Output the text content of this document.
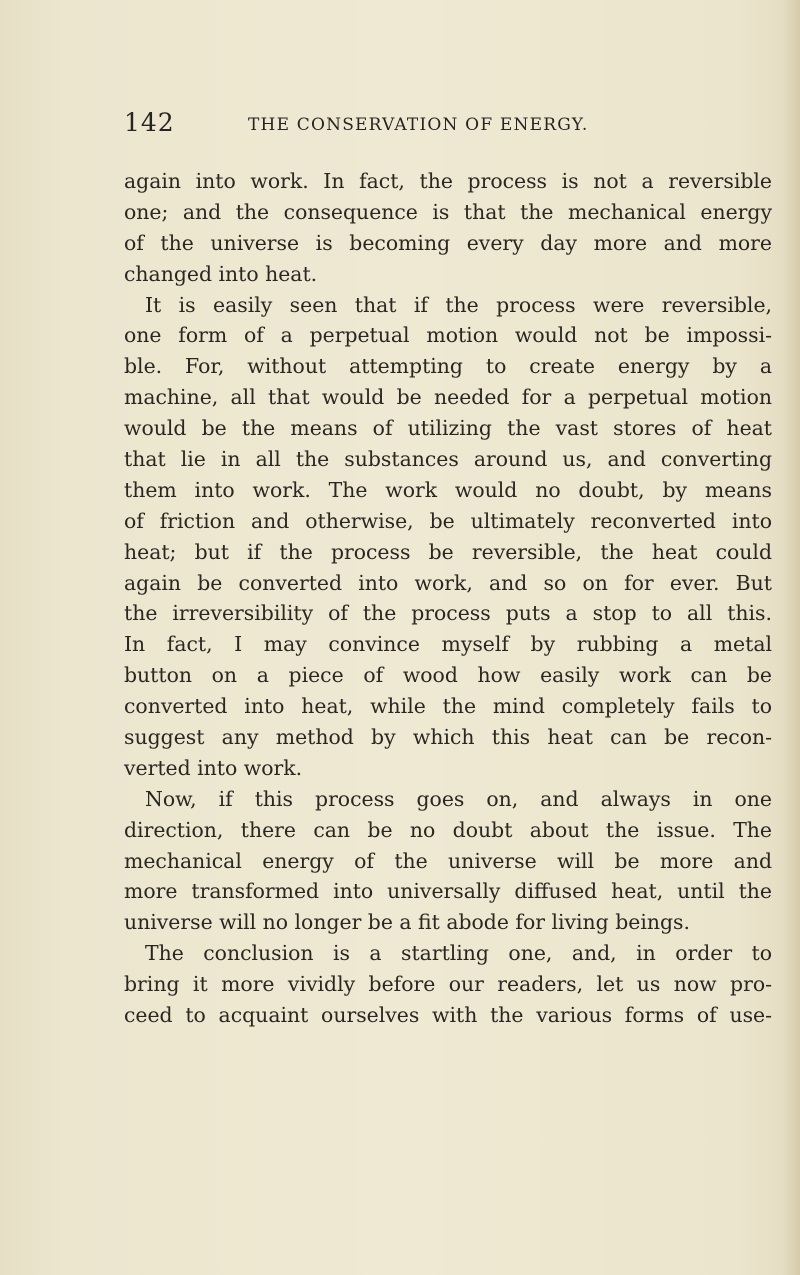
142	THE CONSERVATION OF ENERGY.
again into work. In fact, the process is not a reversible
one; and the consequence is that the mechanical energy
of the universe is becoming every day more and more
changed into heat.
It is easily seen that if the process were reversible,
one form of a perpetual motion would not be impossi-
ble. For, without attempting to create energy by a
machine, all that would be needed for a perpetual motion
would be the means of utilizing the vast stores of heat
that lie in all the substances around us, and converting
them into work. The work would no doubt, by means
of friction and otherwise, be ultimately reconverted into
heat; but if the process be reversible, the heat could
again be converted into work, and so on for ever. But
the irreversibility of the process puts a stop to all this.
In fact, I may convince myself by rubbing a metal
button on a piece of wood how easily work can be
converted into heat, while the mind completely fails to
suggest any method by which this heat can be recon-
verted into work.
Now, if this process goes on, and always in one
direction, there can be no doubt about the issue. The
mechanical energy of the universe will be more and
more transformed into universally diffused heat, until the
universe will no longer be a fit abode for living beings.
The conclusion is a startling one, and, in order to
bring it more vividly before our readers, let us now pro-
ceed to acquaint ourselves with the various forms of use-
